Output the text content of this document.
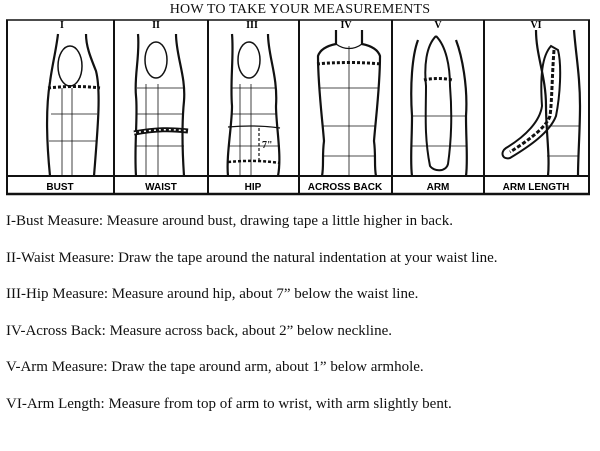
HOW TO TAKE YOUR MEASUREMENTS
7"
I	II	III	IV	V	VI
BUST	WAIST	HIP	ACROSS BACK	ARM	ARM LENGTH
I-Bust Measure: Measure around bust, drawing tape a little higher in back.
II-Waist Measure: Draw the tape around the natural indentation at your waist line.
III-Hip Measure: Measure around hip, about 7” below the waist line.
IV-Across Back: Measure across back, about 2” below neckline.
V-Arm Measure: Draw the tape around arm, about 1” below armhole.
VI-Arm Length: Measure from top of arm to wrist, with arm slightly bent.
